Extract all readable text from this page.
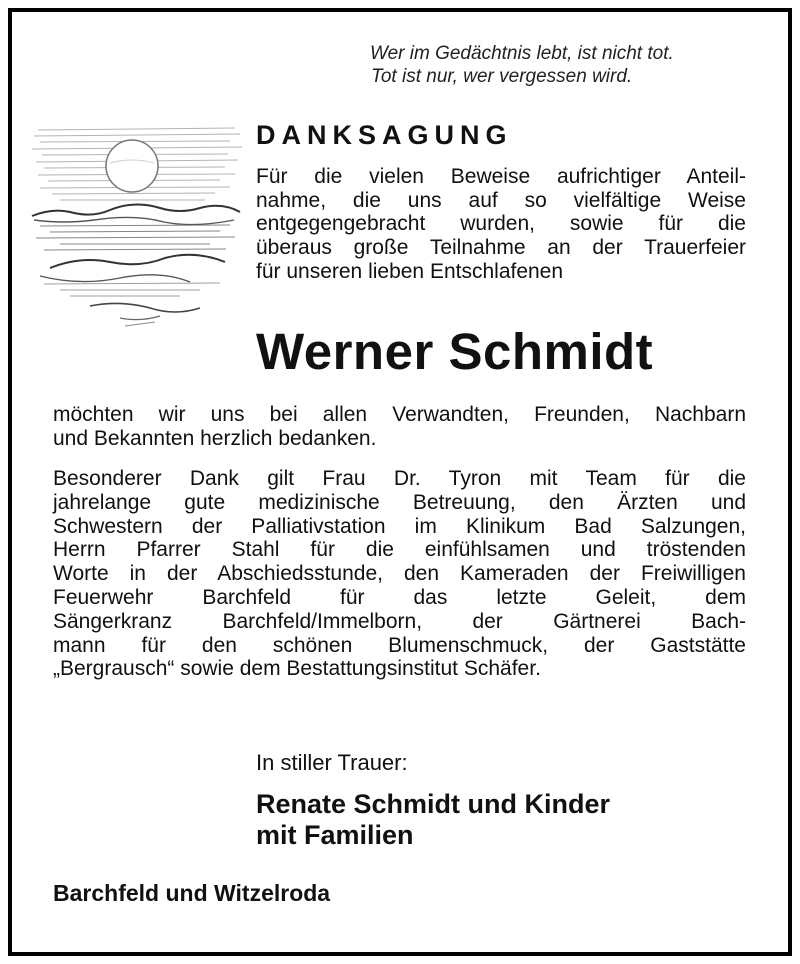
Wer im Gedächtnis lebt, ist nicht tot.
Tot ist nur, wer vergessen wird.
DANKSAGUNG
Für die vielen Beweise aufrichtiger Anteil-
nahme, die uns auf so vielfältige Weise
entgegengebracht wurden, sowie für die
überaus große Teilnahme an der Trauerfeier
für unseren lieben Entschlafenen
Werner Schmidt
möchten wir uns bei allen Verwandten, Freunden, Nachbarn
und Bekannten herzlich bedanken.
Besonderer Dank gilt Frau Dr. Tyron mit Team für die
jahrelange gute medizinische Betreuung, den Ärzten und
Schwestern der Palliativstation im Klinikum Bad Salzungen,
Herrn Pfarrer Stahl für die einfühlsamen und tröstenden
Worte in der Abschiedsstunde, den Kameraden der Freiwilligen
Feuerwehr Barchfeld für das letzte Geleit, dem
Sängerkranz Barchfeld/Immelborn, der Gärtnerei Bach-
mann für den schönen Blumenschmuck, der Gaststätte
„Bergrausch“ sowie dem Bestattungsinstitut Schäfer.
In stiller Trauer:
Renate Schmidt und Kinder
mit Familien
Barchfeld und Witzelroda
